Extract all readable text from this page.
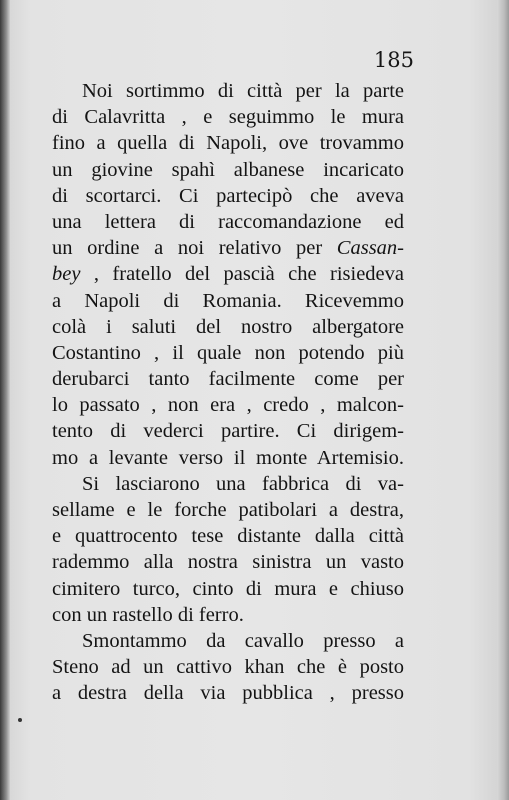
185
Noi sortimmo di città per la parte
di Calavritta , e seguimmo le mura
fino a quella di Napoli, ove trovammo
un giovine spahì albanese incaricato
di scortarci. Ci partecipò che aveva
una lettera di raccomandazione ed
un ordine a noi relativo per Cassan-
bey , fratello del pascià che risiedeva
a Napoli di Romania. Ricevemmo
colà i saluti del nostro albergatore
Costantino , il quale non potendo più
derubarci tanto facilmente come per
lo passato , non era , credo , malcon-
tento di vederci partire. Ci dirigem-
mo a levante verso il monte Artemisio.
Si lasciarono una fabbrica di va-
sellame e le forche patibolari a destra,
e quattrocento tese distante dalla città
rademmo alla nostra sinistra un vasto
cimitero turco, cinto di mura e chiuso
con un rastello di ferro.
Smontammo da cavallo presso a
Steno ad un cattivo khan che è posto
a destra della via pubblica , presso
